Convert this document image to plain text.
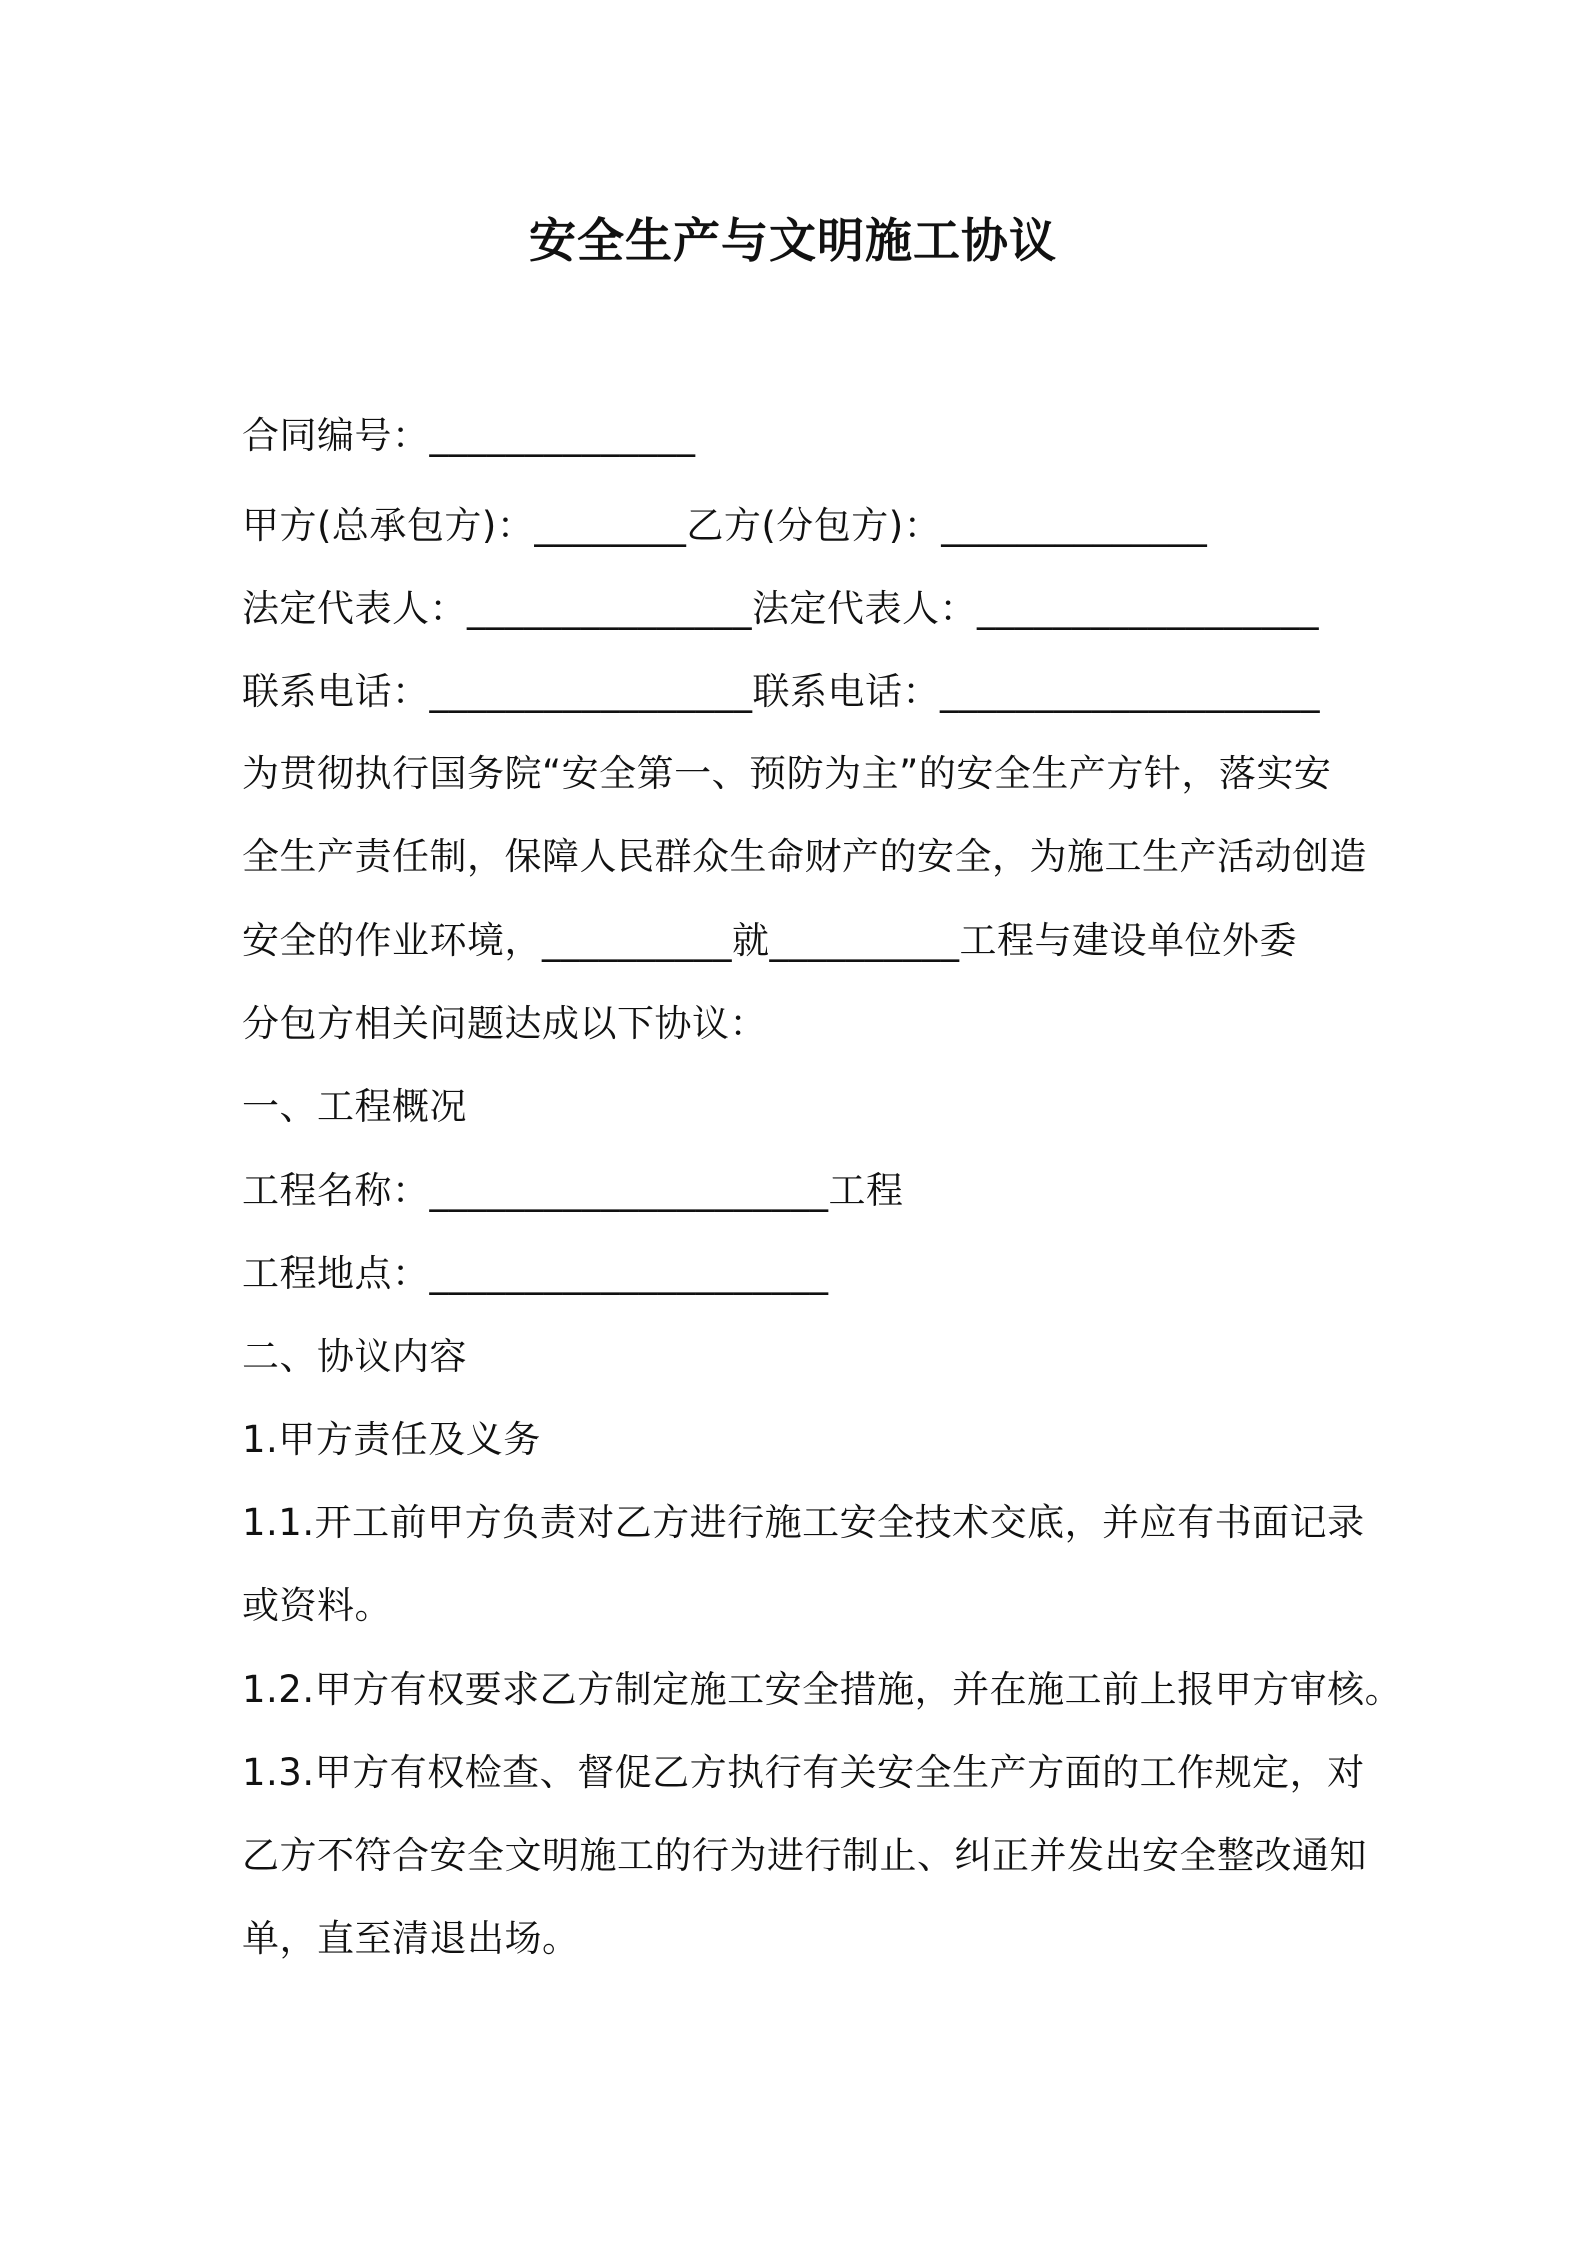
安全生产与文明施工协议
合同编号：______________
甲方(总承包方)：________乙方(分包方)：______________
法定代表人：_______________法定代表人：__________________
联系电话：_________________联系电话：____________________
为贯彻执行国务院“安全第一、预防为主”的安全生产方针，落实安
全生产责任制，保障人民群众生命财产的安全，为施工生产活动创造
安全的作业环境，__________就__________工程与建设单位外委
分包方相关问题达成以下协议：
一、工程概况
工程名称：_____________________工程
工程地点：_____________________
二、协议内容
1.甲方责任及义务
1.1.开工前甲方负责对乙方进行施工安全技术交底，并应有书面记录
或资料。
1.2.甲方有权要求乙方制定施工安全措施，并在施工前上报甲方审核。
1.3.甲方有权检查、督促乙方执行有关安全生产方面的工作规定，对
乙方不符合安全文明施工的行为进行制止、纠正并发出安全整改通知
单，直至清退出场。
